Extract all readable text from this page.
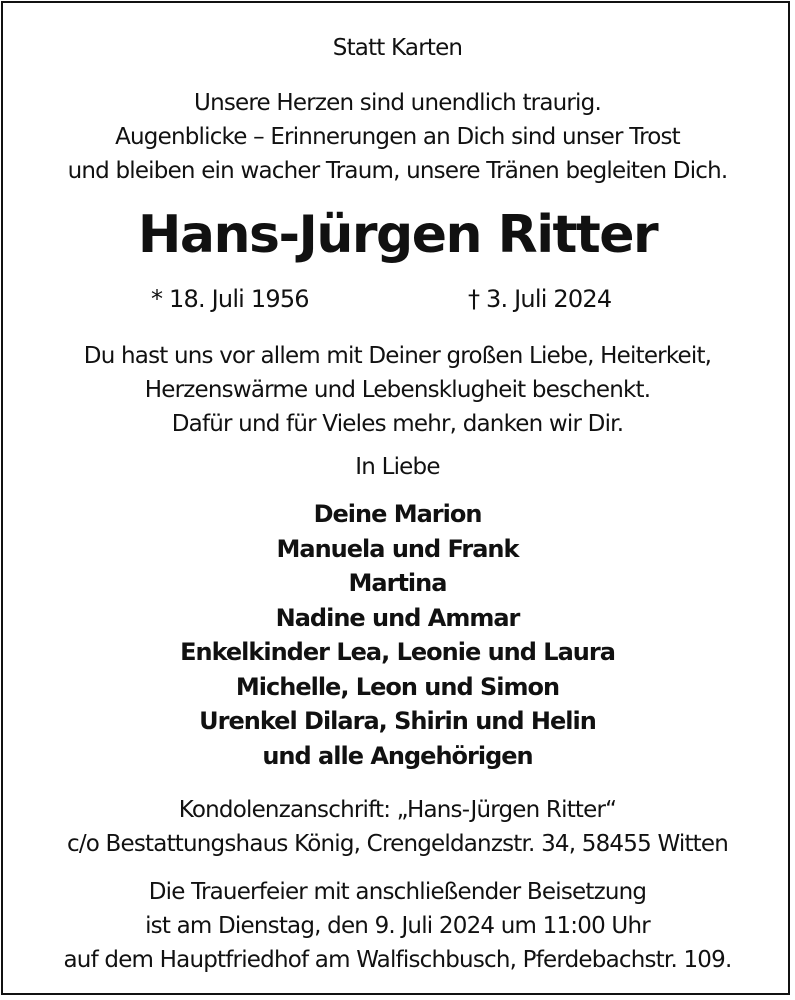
Statt Karten
Unsere Herzen sind unendlich traurig.
Augenblicke – Erinnerungen an Dich sind unser Trost
und bleiben ein wacher Traum, unsere Tränen begleiten Dich.
Hans-Jürgen Ritter
* 18. Juli 1956	† 3. Juli 2024
Du hast uns vor allem mit Deiner großen Liebe, Heiterkeit,
Herzenswärme und Lebensklugheit beschenkt.
Dafür und für Vieles mehr, danken wir Dir.
In Liebe
Deine Marion
Manuela und Frank
Martina
Nadine und Ammar
Enkelkinder Lea, Leonie und Laura
Michelle, Leon und Simon
Urenkel Dilara, Shirin und Helin
und alle Angehörigen
Kondolenzanschrift: „Hans-Jürgen Ritter“
c/o Bestattungshaus König, Crengeldanzstr. 34, 58455 Witten
Die Trauerfeier mit anschließender Beisetzung
ist am Dienstag, den 9. Juli 2024 um 11:00 Uhr
auf dem Hauptfriedhof am Walfischbusch, Pferdebachstr. 109.
